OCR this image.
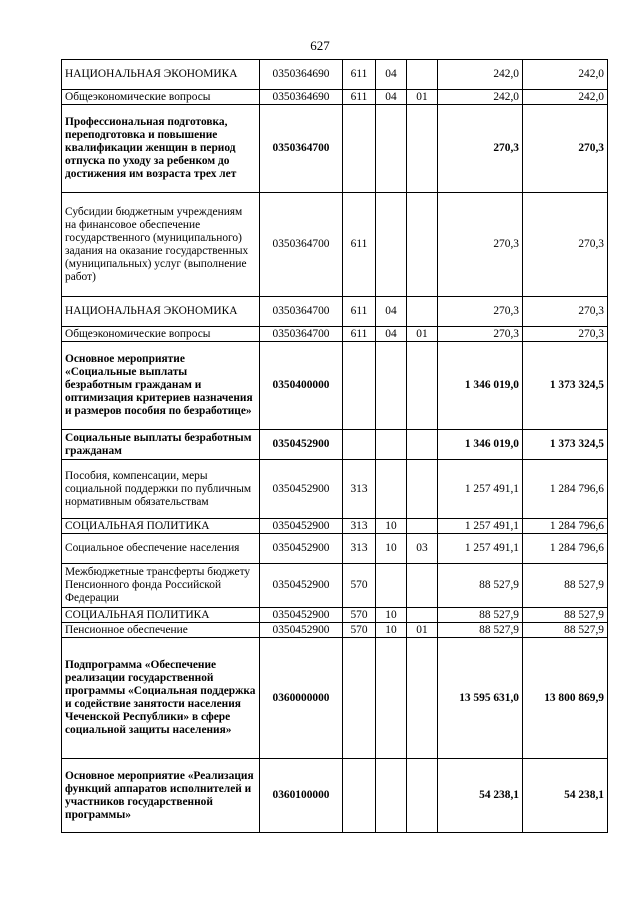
627
НАЦИОНАЛЬНАЯ ЭКОНОМИКА	0350364690	611	04		242,0	242,0
Общеэкономические вопросы	0350364690	611	04	01	242,0	242,0
Профессиональная подготовка, переподготовка и повышение квалификации женщин в период отпуска по уходу за ребенком до достижения им возраста трех лет	0350364700				270,3	270,3
Субсидии бюджетным учреждениям на финансовое обеспечение государственного (муниципального) задания на оказание государственных (муниципальных) услуг (выполнение работ)	0350364700	611			270,3	270,3
НАЦИОНАЛЬНАЯ ЭКОНОМИКА	0350364700	611	04		270,3	270,3
Общеэкономические вопросы	0350364700	611	04	01	270,3	270,3
Основное мероприятие «Социальные выплаты безработным гражданам и оптимизация критериев назначения и размеров пособия по безработице»	0350400000				1 346 019,0	1 373 324,5
Социальные выплаты безработным гражданам	0350452900				1 346 019,0	1 373 324,5
Пособия, компенсации, меры социальной поддержки по публичным нормативным обязательствам	0350452900	313			1 257 491,1	1 284 796,6
СОЦИАЛЬНАЯ ПОЛИТИКА	0350452900	313	10		1 257 491,1	1 284 796,6
Социальное обеспечение населения	0350452900	313	10	03	1 257 491,1	1 284 796,6
Межбюджетные трансферты бюджету Пенсионного фонда Российской Федерации	0350452900	570			88 527,9	88 527,9
СОЦИАЛЬНАЯ ПОЛИТИКА	0350452900	570	10		88 527,9	88 527,9
Пенсионное обеспечение	0350452900	570	10	01	88 527,9	88 527,9
Подпрограмма «Обеспечение реализации государственной программы «Социальная поддержка и содействие занятости населения Чеченской Республики» в сфере социальной защиты населения»	0360000000				13 595 631,0	13 800 869,9
Основное мероприятие «Реализация функций аппаратов исполнителей и участников государственной программы»	0360100000				54 238,1	54 238,1
